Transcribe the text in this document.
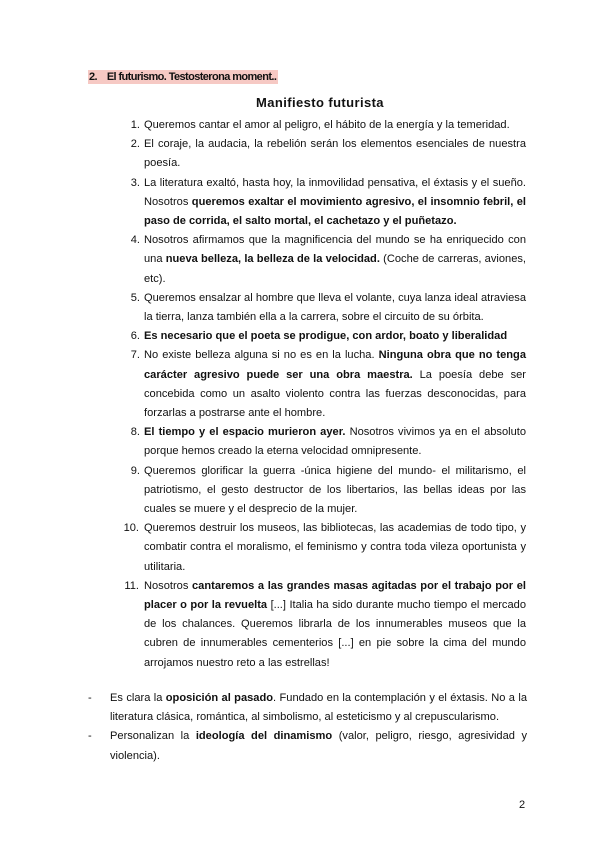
2. El futurismo. Testosterona moment..
Manifiesto futurista
1. Queremos cantar el amor al peligro, el hábito de la energía y la temeridad.
2. El coraje, la audacia, la rebelión serán los elementos esenciales de nuestra poesía.
3. La literatura exaltó, hasta hoy, la inmovilidad pensativa, el éxtasis y el sueño. Nosotros queremos exaltar el movimiento agresivo, el insomnio febril, el paso de corrida, el salto mortal, el cachetazo y el puñetazo.
4. Nosotros afirmamos que la magnificencia del mundo se ha enriquecido con una nueva belleza, la belleza de la velocidad. (Coche de carreras, aviones, etc).
5. Queremos ensalzar al hombre que lleva el volante, cuya lanza ideal atraviesa la tierra, lanza también ella a la carrera, sobre el circuito de su órbita.
6. Es necesario que el poeta se prodigue, con ardor, boato y liberalidad
7. No existe belleza alguna si no es en la lucha. Ninguna obra que no tenga carácter agresivo puede ser una obra maestra. La poesía debe ser concebida como un asalto violento contra las fuerzas desconocidas, para forzarlas a postrarse ante el hombre.
8. El tiempo y el espacio murieron ayer. Nosotros vivimos ya en el absoluto porque hemos creado la eterna velocidad omnipresente.
9. Queremos glorificar la guerra -única higiene del mundo- el militarismo, el patriotismo, el gesto destructor de los libertarios, las bellas ideas por las cuales se muere y el desprecio de la mujer.
10. Queremos destruir los museos, las bibliotecas, las academias de todo tipo, y combatir contra el moralismo, el feminismo y contra toda vileza oportunista y utilitaria.
11. Nosotros cantaremos a las grandes masas agitadas por el trabajo por el placer o por la revuelta [...] Italia ha sido durante mucho tiempo el mercado de los chalances. Queremos librarla de los innumerables museos que la cubren de innumerables cementerios [...] en pie sobre la cima del mundo arrojamos nuestro reto a las estrellas!
- Es clara la oposición al pasado. Fundado en la contemplación y el éxtasis. No a la literatura clásica, romántica, al simbolismo, al esteticismo y al crepuscularismo.
- Personalizan la ideología del dinamismo (valor, peligro, riesgo, agresividad y violencia).
2
